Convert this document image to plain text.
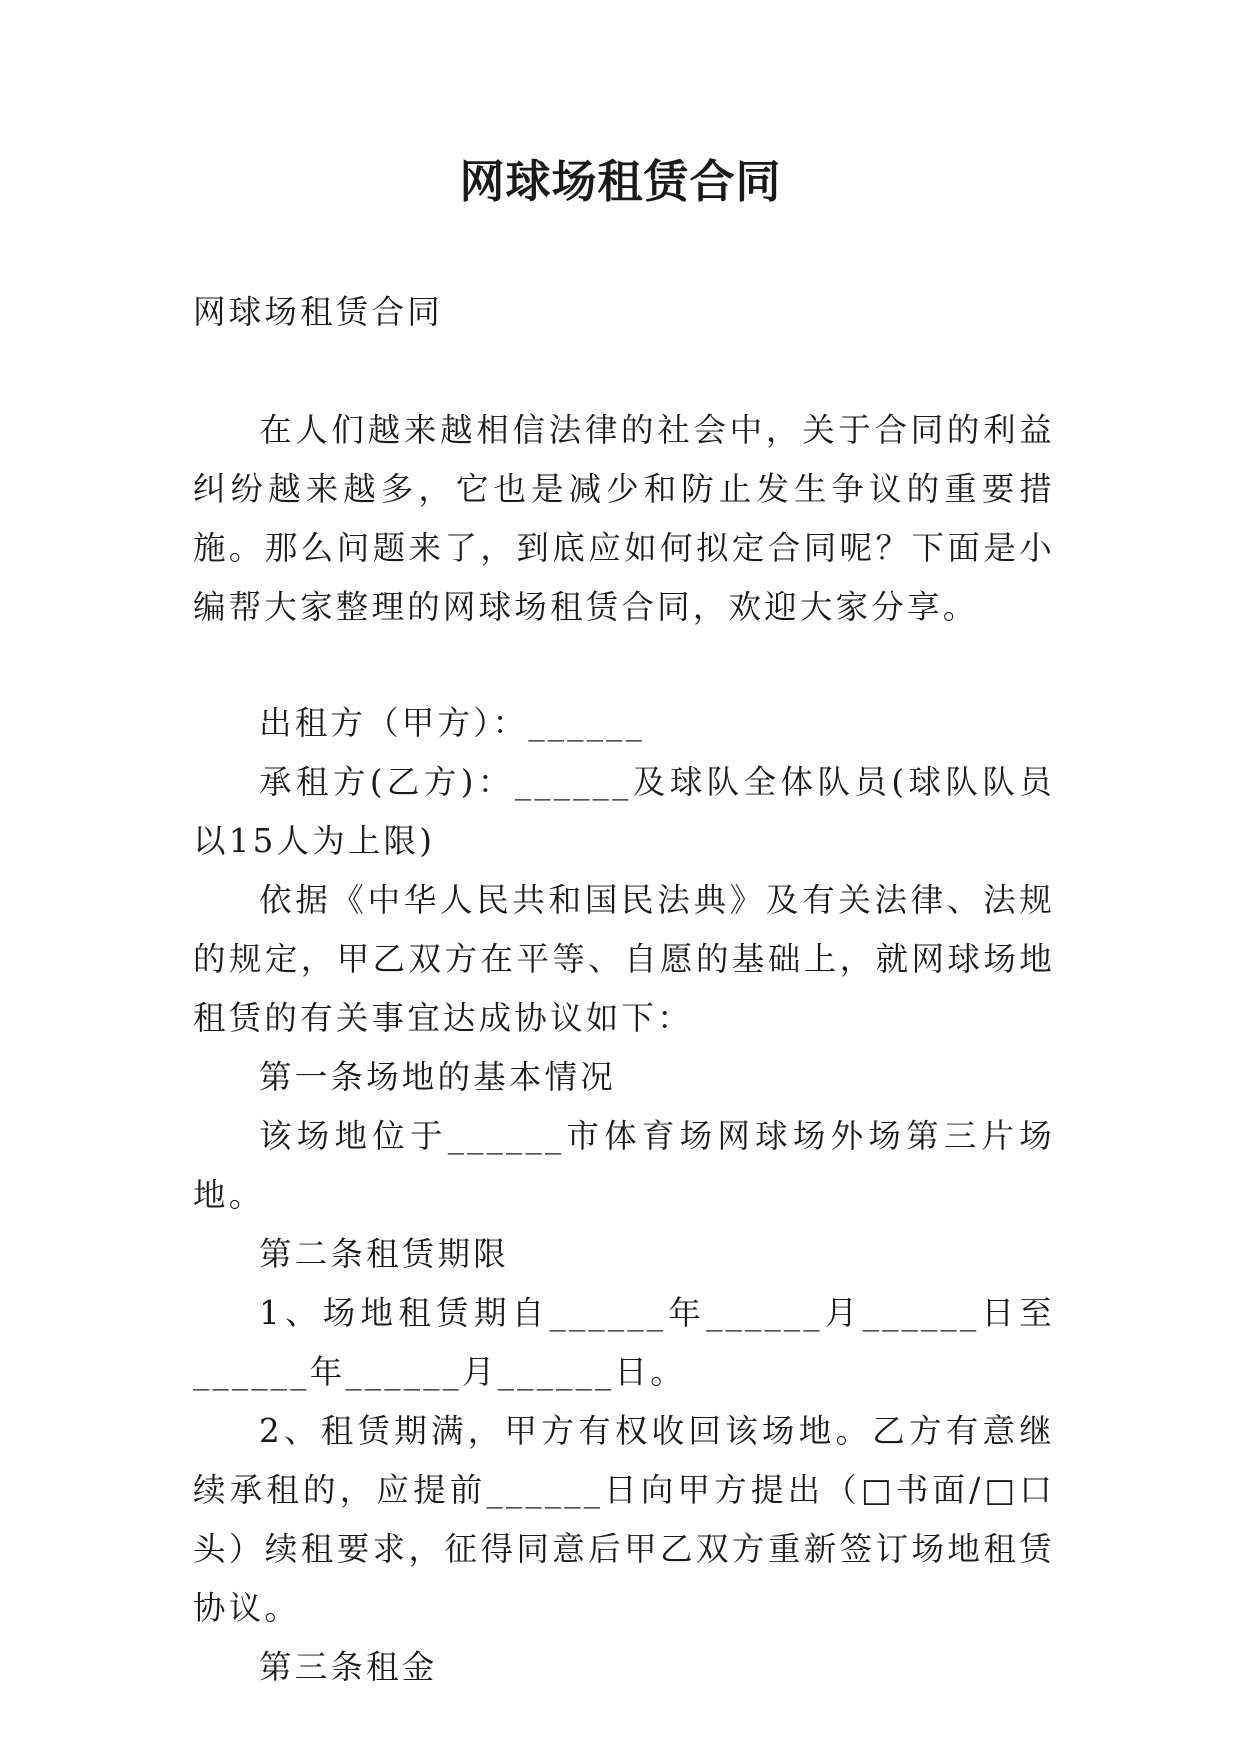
网球场租赁合同

网球场租赁合同

在人们越来越相信法律的社会中，关于合同的利益纠纷越来越多，它也是减少和防止发生争议的重要措施。那么问题来了，到底应如何拟定合同呢？下面是小编帮大家整理的网球场租赁合同，欢迎大家分享。

出租方（甲方）：______

承租方(乙方)：______及球队全体队员(球队队员以15人为上限)

依据《中华人民共和国民法典》及有关法律、法规的规定，甲乙双方在平等、自愿的基础上，就网球场地租赁的有关事宜达成协议如下：

第一条场地的基本情况

该场地位于______市体育场网球场外场第三片场地。

第二条租赁期限

1、场地租赁期自______年______月______日至______年______月______日。

2、租赁期满，甲方有权收回该场地。乙方有意继续承租的，应提前______日向甲方提出（□书面/□口头）续租要求，征得同意后甲乙双方重新签订场地租赁协议。

第三条租金
